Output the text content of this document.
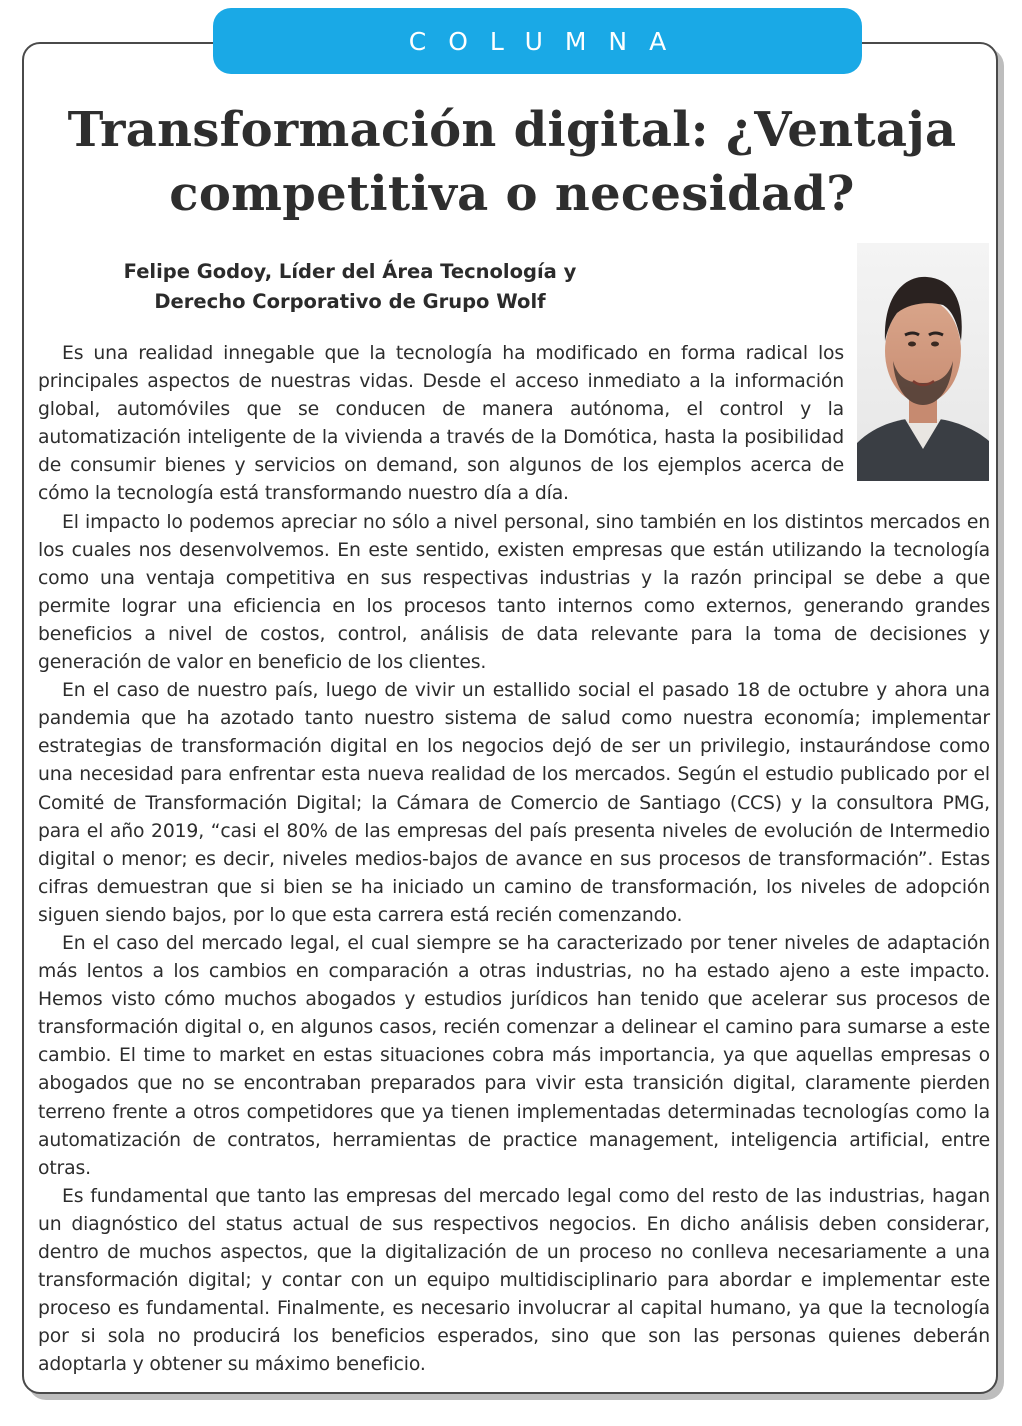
COLUMNA
Transformación digital: ¿Ventaja competitiva o necesidad?
Felipe Godoy, Líder del Área Tecnología y
Derecho Corporativo de Grupo Wolf

Es una realidad innegable que la tecnología ha modificado en forma radical los principales aspectos de nuestras vidas. Desde el acceso inmediato a la información global, automóviles que se conducen de manera autónoma, el control y la automatización inteligente de la vivienda a través de la Domótica, hasta la posibilidad de consumir bienes y servicios on demand, son algunos de los ejemplos acerca de cómo la tecnología está transformando nuestro día a día.

El impacto lo podemos apreciar no sólo a nivel personal, sino también en los distintos mercados en los cuales nos desenvolvemos. En este sentido, existen empresas que están utilizando la tecnología como una ventaja competitiva en sus respectivas industrias y la razón principal se debe a que permite lograr una eficiencia en los procesos tanto internos como externos, generando grandes beneficios a nivel de costos, control, análisis de data relevante para la toma de decisiones y generación de valor en beneficio de los clientes.

En el caso de nuestro país, luego de vivir un estallido social el pasado 18 de octubre y ahora una pandemia que ha azotado tanto nuestro sistema de salud como nuestra economía; implementar estrategias de transformación digital en los negocios dejó de ser un privilegio, instaurándose como una necesidad para enfrentar esta nueva realidad de los mercados. Según el estudio publicado por el Comité de Transformación Digital; la Cámara de Comercio de Santiago (CCS) y la consultora PMG, para el año 2019, “casi el 80% de las empresas del país presenta niveles de evolución de Intermedio digital o menor; es decir, niveles medios-bajos de avance en sus procesos de transformación”. Estas cifras demuestran que si bien se ha iniciado un camino de transformación, los niveles de adopción siguen siendo bajos, por lo que esta carrera está recién comenzando.

En el caso del mercado legal, el cual siempre se ha caracterizado por tener niveles de adaptación más lentos a los cambios en comparación a otras industrias, no ha estado ajeno a este impacto. Hemos visto cómo muchos abogados y estudios jurídicos han tenido que acelerar sus procesos de transformación digital o, en algunos casos, recién comenzar a delinear el camino para sumarse a este cambio. El time to market en estas situaciones cobra más importancia, ya que aquellas empresas o abogados que no se encontraban preparados para vivir esta transición digital, claramente pierden terreno frente a otros competidores que ya tienen implementadas determinadas tecnologías como la automatización de contratos, herramientas de practice management, inteligencia artificial, entre otras.

Es fundamental que tanto las empresas del mercado legal como del resto de las industrias, hagan un diagnóstico del status actual de sus respectivos negocios. En dicho análisis deben considerar, dentro de muchos aspectos, que la digitalización de un proceso no conlleva necesariamente a una transformación digital; y contar con un equipo multidisciplinario para abordar e implementar este proceso es fundamental. Finalmente, es necesario involucrar al capital humano, ya que la tecnología por si sola no producirá los beneficios esperados, sino que son las personas quienes deberán adoptarla y obtener su máximo beneficio.
